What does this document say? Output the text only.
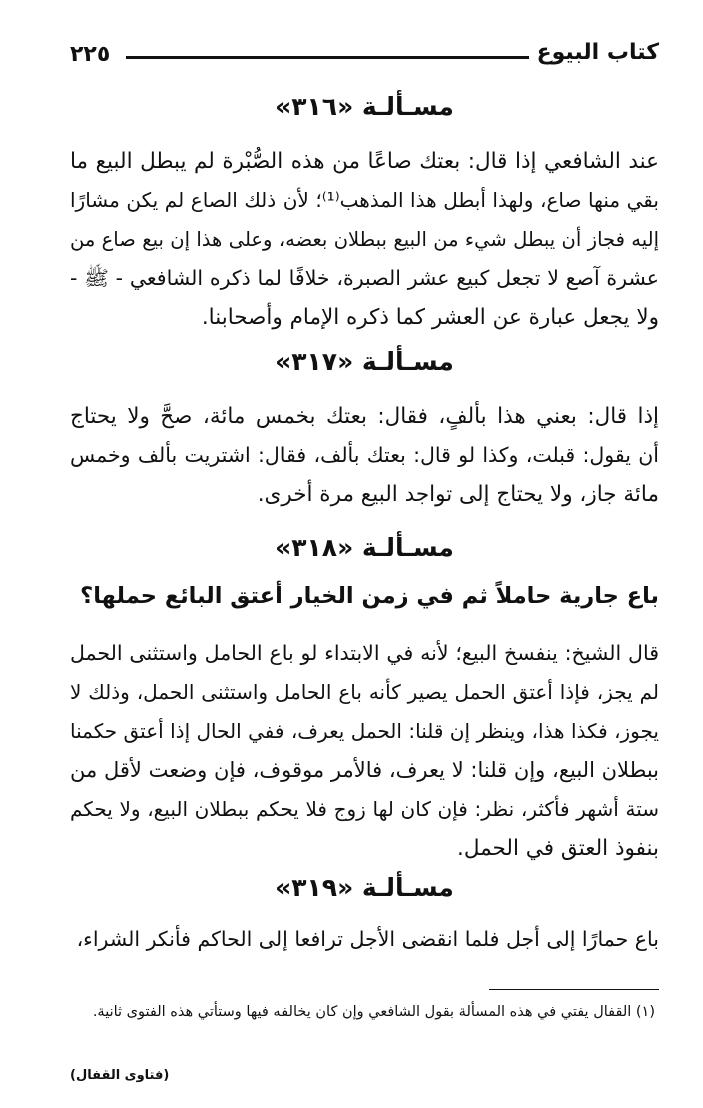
كتاب البيوع
٢٢٥
مسـألـة «٣١٦»
عند الشافعي إذا قال: بعتك صاعًا من هذه الصُّبْرة لم يبطل البيع ما
بقي منها صاع، ولهذا أبطل هذا المذهب⁽¹⁾؛ لأن ذلك الصاع لم يكن مشارًا
إليه فجاز أن يبطل شيء من البيع ببطلان بعضه، وعلى هذا إن بيع صاع من
عشرة آصع لا تجعل كبيع عشر الصبرة، خلافًا لما ذكره الشافعي - ﷺ -
ولا يجعل عبارة عن العشر كما ذكره الإمام وأصحابنا.
مسـألـة «٣١٧»
إذا قال: بعني هذا بألفٍ، فقال: بعتك بخمس مائة، صحَّ ولا يحتاج
أن يقول: قبلت، وكذا لو قال: بعتك بألف، فقال: اشتريت بألف وخمس
مائة جاز، ولا يحتاج إلى تواجد البيع مرة أخرى.
مسـألـة «٣١٨»
باع جارية حاملاً ثم في زمن الخيار أعتق البائع حملها؟
قال الشيخ: ينفسخ البيع؛ لأنه في الابتداء لو باع الحامل واستثنى الحمل
لم يجز، فإذا أعتق الحمل يصير كأنه باع الحامل واستثنى الحمل، وذلك لا
يجوز، فكذا هذا، وينظر إن قلنا: الحمل يعرف، ففي الحال إذا أعتق حكمنا
ببطلان البيع، وإن قلنا: لا يعرف، فالأمر موقوف، فإن وضعت لأقل من
ستة أشهر فأكثر، نظر: فإن كان لها زوج فلا يحكم ببطلان البيع، ولا يحكم
بنفوذ العتق في الحمل.
مسـألـة «٣١٩»
باع حمارًا إلى أجل فلما انقضى الأجل ترافعا إلى الحاكم فأنكر الشراء،
(١) القفال يفتي في هذه المسألة بقول الشافعي وإن كان يخالفه فيها وستأتي هذه الفتوى ثانية.
(فتاوى القفال)
